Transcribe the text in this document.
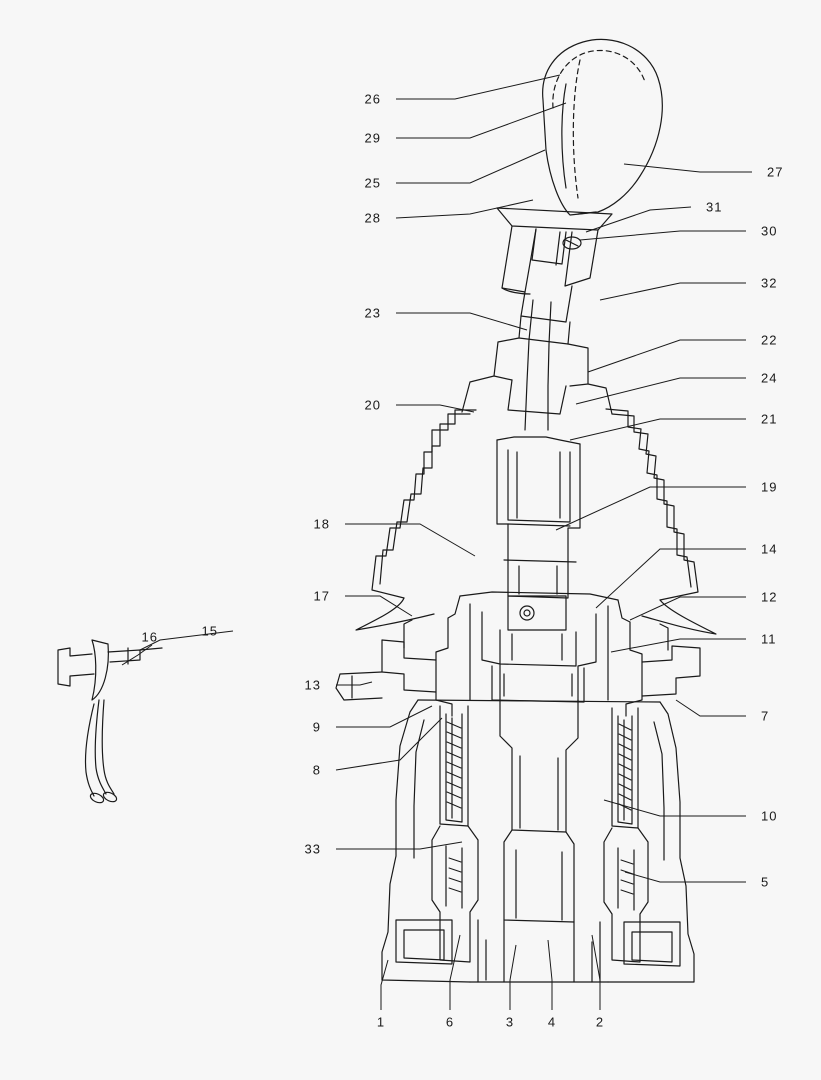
26
29
25
28
27
31
30
32
22
24
21
23
20
19
18
14
12
11
17
15
16
13
9
8
7
10
5
33
1	6	3	4	2
